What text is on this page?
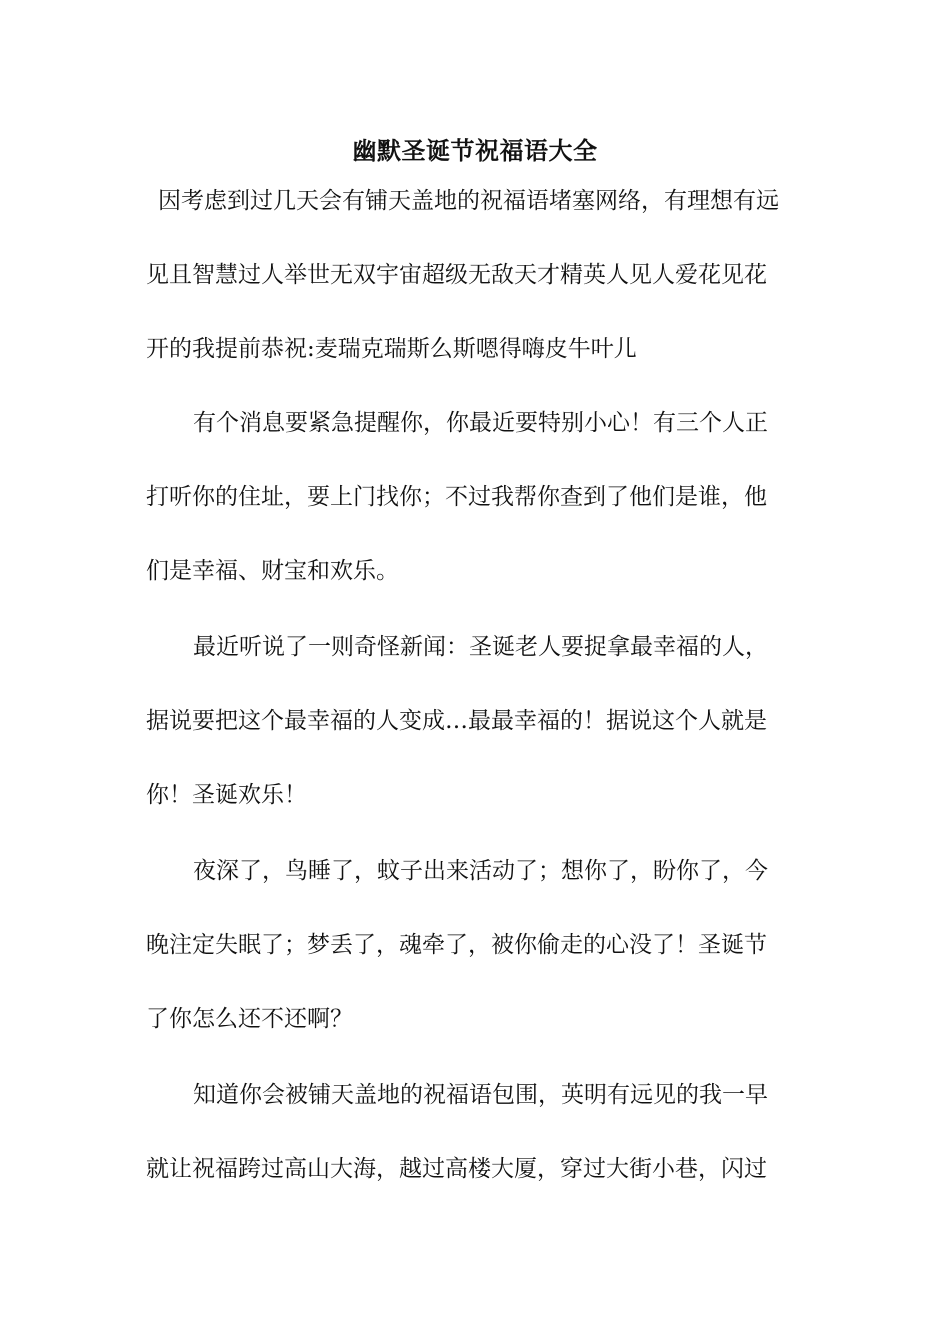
幽默圣诞节祝福语大全
因考虑到过几天会有铺天盖地的祝福语堵塞网络，有理想有远
见且智慧过人举世无双宇宙超级无敌天才精英人见人爱花见花
开的我提前恭祝:麦瑞克瑞斯么斯嗯得嗨皮牛叶儿
有个消息要紧急提醒你，你最近要特别小心！有三个人正
打听你的住址，要上门找你；不过我帮你查到了他们是谁，他
们是幸福、财宝和欢乐。
最近听说了一则奇怪新闻：圣诞老人要捉拿最幸福的人，
据说要把这个最幸福的人变成…最最幸福的！据说这个人就是
你！圣诞欢乐！
夜深了，鸟睡了，蚊子出来活动了；想你了，盼你了，今
晚注定失眠了；梦丢了，魂牵了，被你偷走的心没了！圣诞节
了你怎么还不还啊？
知道你会被铺天盖地的祝福语包围，英明有远见的我一早
就让祝福跨过高山大海，越过高楼大厦，穿过大街小巷，闪过
